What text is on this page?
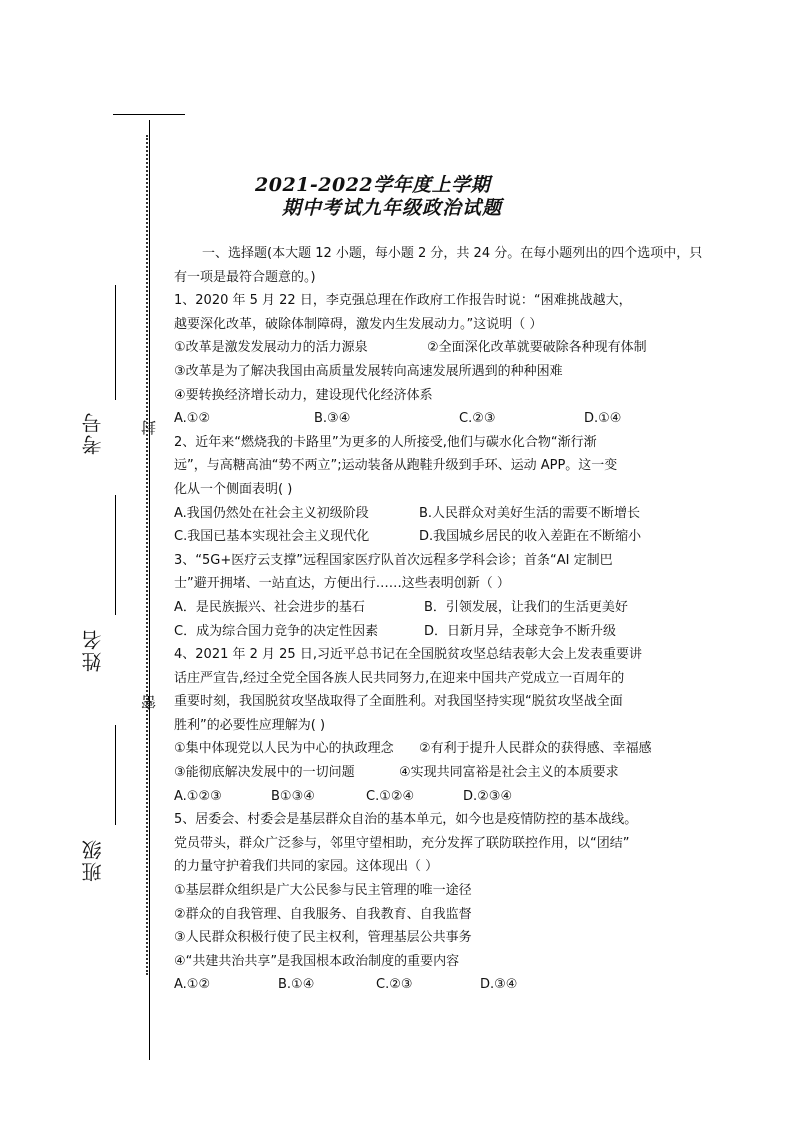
考号
姓名
班级
封
密
2021-2022学年度上学期
期中考试九年级政治试题
一、选择题(本大题 12 小题，每小题 2 分，共 24 分。在每小题列出的四个选项中，只
有一项是最符合题意的。)
1、2020 年 5 月 22 日，李克强总理在作政府工作报告时说：“困难挑战越大，
越要深化改革，破除体制障碍，激发内生发展动力。”这说明（ ）
①改革是激发发展动力的活力源泉	②全面深化改革就要破除各种现有体制
③改革是为了解决我国由高质量发展转向高速发展所遇到的种种困难
④要转换经济增长动力，建设现代化经济体系
A.①②	B.③④	C.②③	D.①④
2、近年来“燃烧我的卡路里”为更多的人所接受,他们与碳水化合物“渐行渐
远”，与高糖高油“势不两立”;运动装备从跑鞋升级到手环、运动 APP。这一变
化从一个侧面表明( )
A.我国仍然处在社会主义初级阶段	B.人民群众对美好生活的需要不断增长
C.我国已基本实现社会主义现代化	D.我国城乡居民的收入差距在不断缩小
3、“5G+医疗云支撑”远程国家医疗队首次远程多学科会诊；首条“AI 定制巴
士”避开拥堵、一站直达，方便出行……这些表明创新（ ）
A．是民族振兴、社会进步的基石	B．引领发展，让我们的生活更美好
C．成为综合国力竞争的决定性因素	D．日新月异，全球竞争不断升级
4、2021 年 2 月 25 日,习近平总书记在全国脱贫攻坚总结表彰大会上发表重要讲
话庄严宣告,经过全党全国各族人民共同努力,在迎来中国共产党成立一百周年的
重要时刻，我国脱贫攻坚战取得了全面胜利。对我国坚持实现“脱贫攻坚战全面
胜利”的必要性应理解为( )
①集中体现党以人民为中心的执政理念	②有利于提升人民群众的获得感、幸福感
③能彻底解决发展中的一切问题	④实现共同富裕是社会主义的本质要求
A.①②③	B①③④	C.①②④	D.②③④
5、居委会、村委会是基层群众自治的基本单元，如今也是疫情防控的基本战线。
党员带头，群众广泛参与，邻里守望相助，充分发挥了联防联控作用，以“团结”
的力量守护着我们共同的家园。这体现出（ ）
①基层群众组织是广大公民参与民主管理的唯一途径
②群众的自我管理、自我服务、自我教育、自我监督
③人民群众积极行使了民主权利，管理基层公共事务
④“共建共治共享”是我国根本政治制度的重要内容
A.①②	B.①④	C.②③	D.③④
